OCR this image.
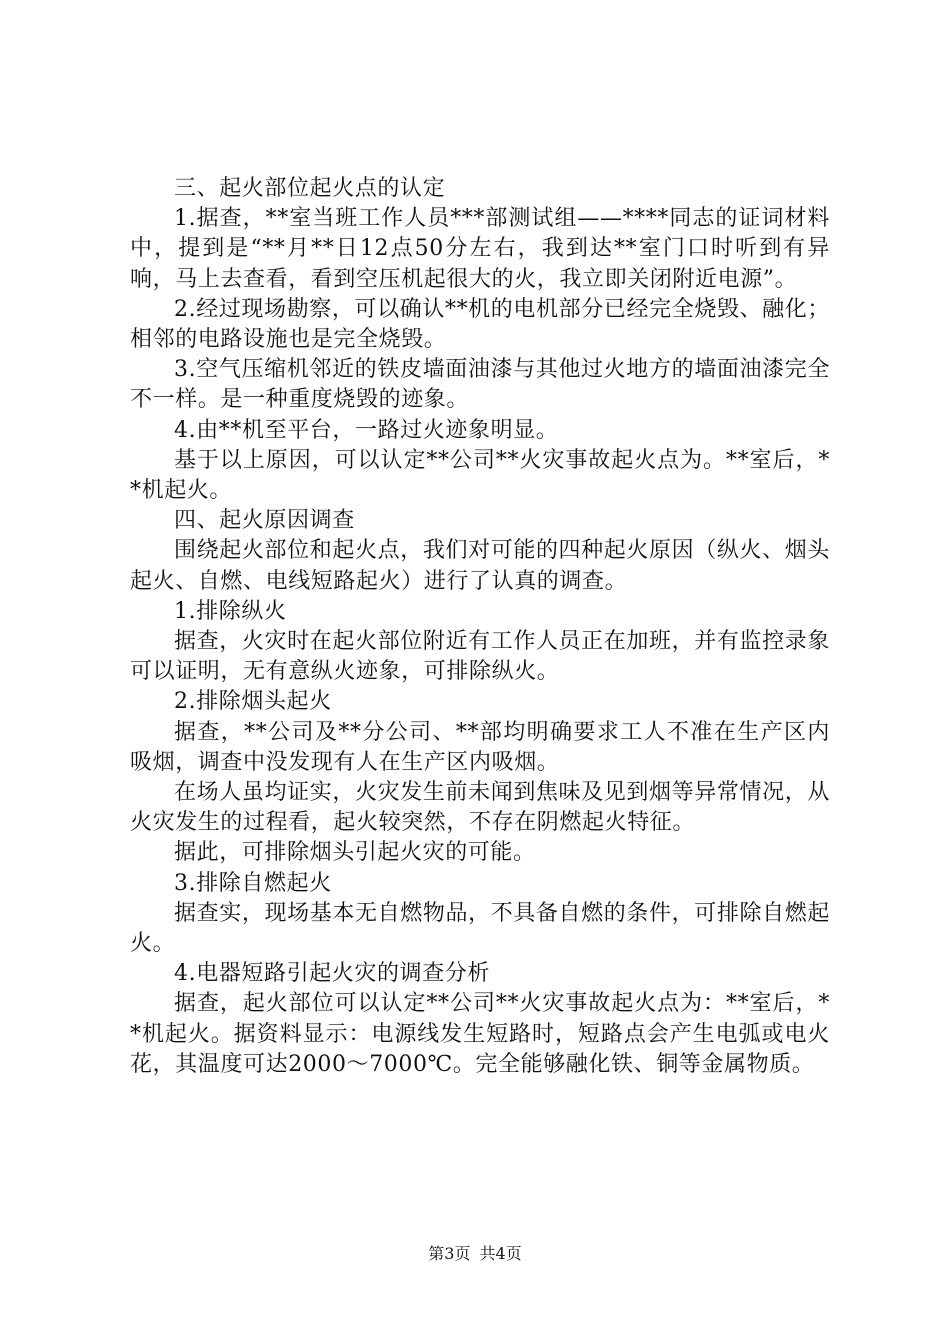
三、起火部位起火点的认定

1.据查，**室当班工作人员***部测试组——****同志的证词材料中，提到是“**月**日12点50分左右，我到达**室门口时听到有异响，马上去查看，看到空压机起很大的火，我立即关闭附近电源”。

2.经过现场勘察，可以确认**机的电机部分已经完全烧毁、融化；相邻的电路设施也是完全烧毁。

3.空气压缩机邻近的铁皮墙面油漆与其他过火地方的墙面油漆完全不一样。是一种重度烧毁的迹象。

4.由**机至平台，一路过火迹象明显。

基于以上原因，可以认定**公司**火灾事故起火点为。**室后，**机起火。

四、起火原因调查

围绕起火部位和起火点，我们对可能的四种起火原因（纵火、烟头起火、自燃、电线短路起火）进行了认真的调查。

1.排除纵火

据查，火灾时在起火部位附近有工作人员正在加班，并有监控录象可以证明，无有意纵火迹象，可排除纵火。

2.排除烟头起火

据查，**公司及**分公司、**部均明确要求工人不准在生产区内吸烟，调查中没发现有人在生产区内吸烟。

在场人虽均证实，火灾发生前未闻到焦味及见到烟等异常情况，从火灾发生的过程看，起火较突然，不存在阴燃起火特征。

据此，可排除烟头引起火灾的可能。

3.排除自燃起火

据查实，现场基本无自燃物品，不具备自燃的条件，可排除自燃起火。

4.电器短路引起火灾的调查分析

据查，起火部位可以认定**公司**火灾事故起火点为：**室后，**机起火。据资料显示：电源线发生短路时，短路点会产生电弧或电火花，其温度可达2000～7000℃。完全能够融化铁、铜等金属物质。

第3页 共4页
